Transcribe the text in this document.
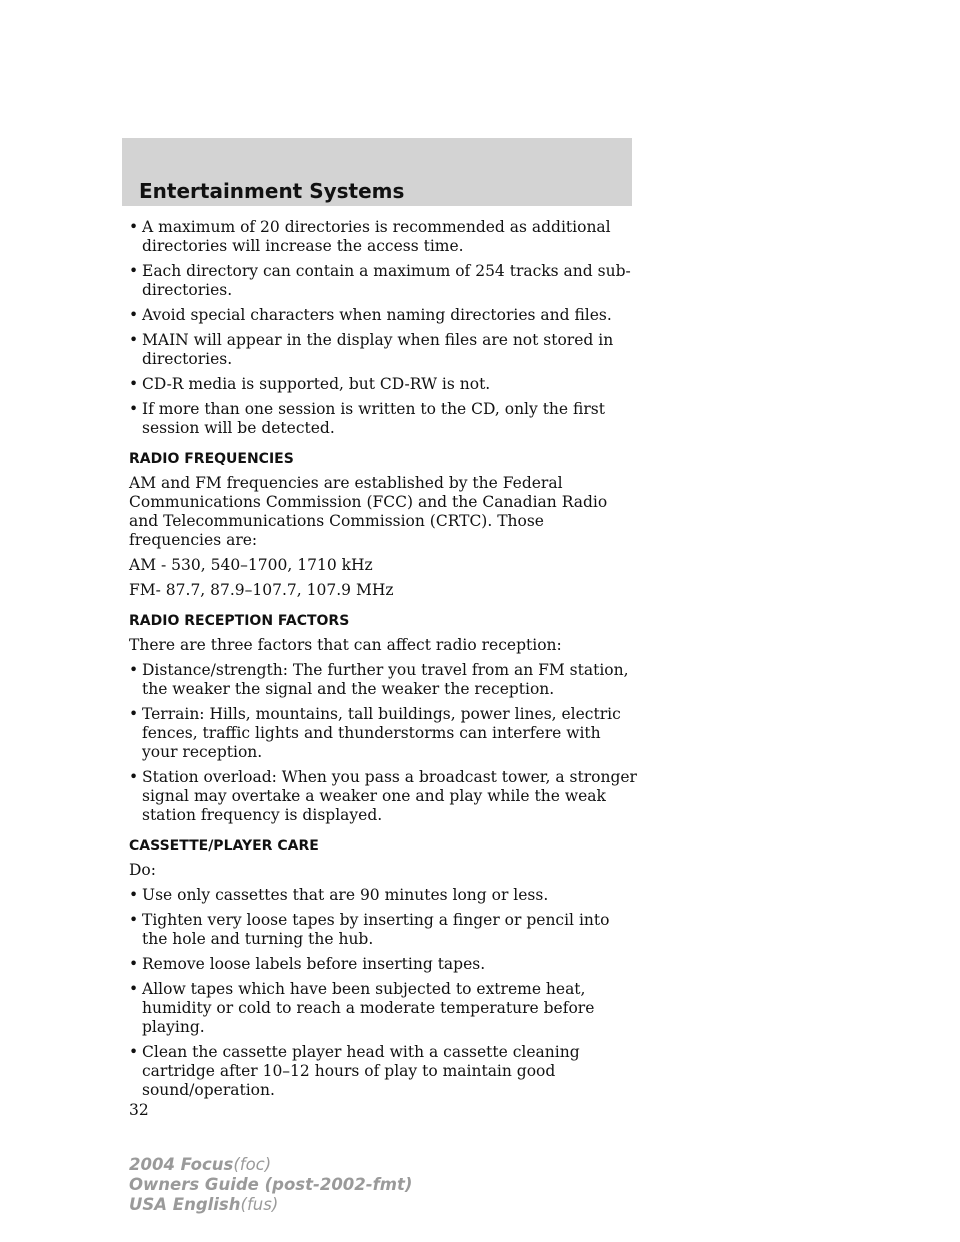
Entertainment Systems
• A maximum of 20 directories is recommended as additional directories will increase the access time.
• Each directory can contain a maximum of 254 tracks and sub-directories.
• Avoid special characters when naming directories and files.
• MAIN will appear in the display when files are not stored in directories.
• CD-R media is supported, but CD-RW is not.
• If more than one session is written to the CD, only the first session will be detected.
RADIO FREQUENCIES

AM and FM frequencies are established by the Federal Communications Commission (FCC) and the Canadian Radio and Telecommunications Commission (CRTC). Those frequencies are:

AM - 530, 540–1700, 1710 kHz

FM- 87.7, 87.9–107.7, 107.9 MHz

RADIO RECEPTION FACTORS

There are three factors that can affect radio reception:

• Distance/strength: The further you travel from an FM station, the weaker the signal and the weaker the reception.
• Terrain: Hills, mountains, tall buildings, power lines, electric fences, traffic lights and thunderstorms can interfere with your reception.
• Station overload: When you pass a broadcast tower, a stronger signal may overtake a weaker one and play while the weak station frequency is displayed.
CASSETTE/PLAYER CARE

Do:

• Use only cassettes that are 90 minutes long or less.
• Tighten very loose tapes by inserting a finger or pencil into the hole and turning the hub.
• Remove loose labels before inserting tapes.
• Allow tapes which have been subjected to extreme heat, humidity or cold to reach a moderate temperature before playing.
• Clean the cassette player head with a cassette cleaning cartridge after 10–12 hours of play to maintain good sound/operation.
32
2004 Focus(foc)
Owners Guide (post-2002-fmt)
USA English(fus)
